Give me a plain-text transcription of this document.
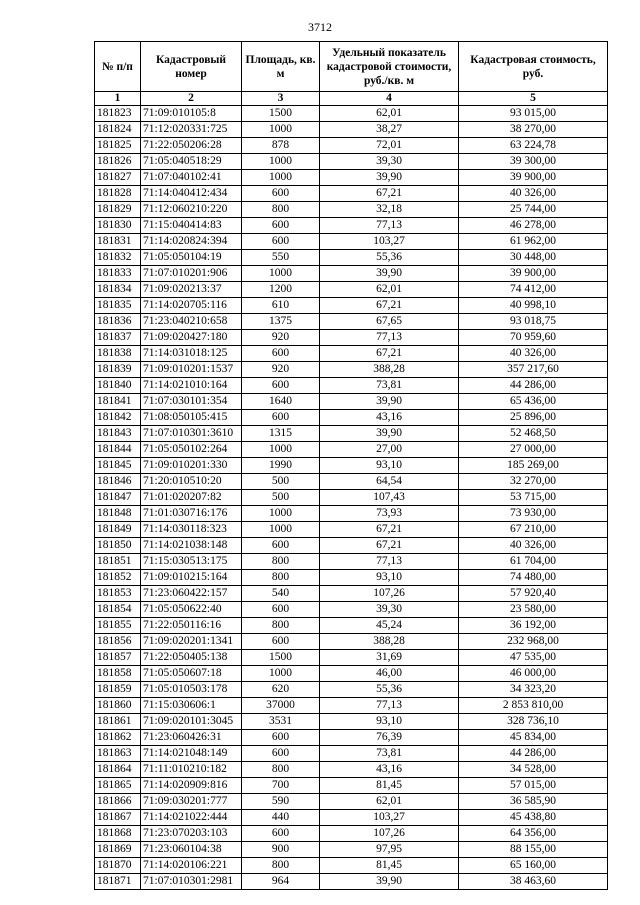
3712
№ п/п	Кадастровый номер	Площадь, кв. м	Удельный показатель кадастровой стоимости, руб./кв. м	Кадастровая стоимость, руб.
1	2	3	4	5
181823	71:09:010105:8	1500	62,01	93 015,00
181824	71:12:020331:725	1000	38,27	38 270,00
181825	71:22:050206:28	878	72,01	63 224,78
181826	71:05:040518:29	1000	39,30	39 300,00
181827	71:07:040102:41	1000	39,90	39 900,00
181828	71:14:040412:434	600	67,21	40 326,00
181829	71:12:060210:220	800	32,18	25 744,00
181830	71:15:040414:83	600	77,13	46 278,00
181831	71:14:020824:394	600	103,27	61 962,00
181832	71:05:050104:19	550	55,36	30 448,00
181833	71:07:010201:906	1000	39,90	39 900,00
181834	71:09:020213:37	1200	62,01	74 412,00
181835	71:14:020705:116	610	67,21	40 998,10
181836	71:23:040210:658	1375	67,65	93 018,75
181837	71:09:020427:180	920	77,13	70 959,60
181838	71:14:031018:125	600	67,21	40 326,00
181839	71:09:010201:1537	920	388,28	357 217,60
181840	71:14:021010:164	600	73,81	44 286,00
181841	71:07:030101:354	1640	39,90	65 436,00
181842	71:08:050105:415	600	43,16	25 896,00
181843	71:07:010301:3610	1315	39,90	52 468,50
181844	71:05:050102:264	1000	27,00	27 000,00
181845	71:09:010201:330	1990	93,10	185 269,00
181846	71:20:010510:20	500	64,54	32 270,00
181847	71:01:020207:82	500	107,43	53 715,00
181848	71:01:030716:176	1000	73,93	73 930,00
181849	71:14:030118:323	1000	67,21	67 210,00
181850	71:14:021038:148	600	67,21	40 326,00
181851	71:15:030513:175	800	77,13	61 704,00
181852	71:09:010215:164	800	93,10	74 480,00
181853	71:23:060422:157	540	107,26	57 920,40
181854	71:05:050622:40	600	39,30	23 580,00
181855	71:22:050116:16	800	45,24	36 192,00
181856	71:09:020201:1341	600	388,28	232 968,00
181857	71:22:050405:138	1500	31,69	47 535,00
181858	71:05:050607:18	1000	46,00	46 000,00
181859	71:05:010503:178	620	55,36	34 323,20
181860	71:15:030606:1	37000	77,13	2 853 810,00
181861	71:09:020101:3045	3531	93,10	328 736,10
181862	71:23:060426:31	600	76,39	45 834,00
181863	71:14:021048:149	600	73,81	44 286,00
181864	71:11:010210:182	800	43,16	34 528,00
181865	71:14:020909:816	700	81,45	57 015,00
181866	71:09:030201:777	590	62,01	36 585,90
181867	71:14:021022:444	440	103,27	45 438,80
181868	71:23:070203:103	600	107,26	64 356,00
181869	71:23:060104:38	900	97,95	88 155,00
181870	71:14:020106:221	800	81,45	65 160,00
181871	71:07:010301:2981	964	39,90	38 463,60
